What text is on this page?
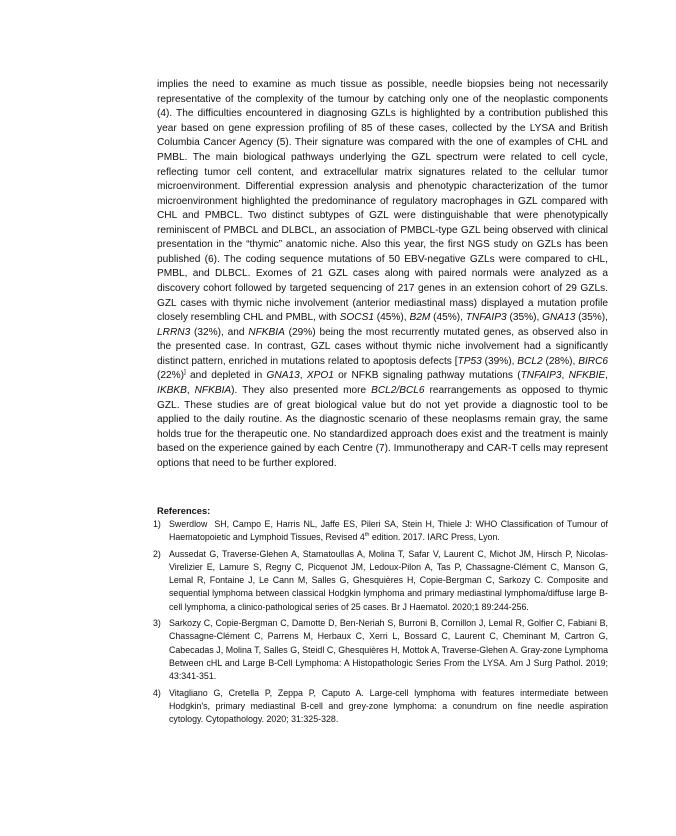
implies the need to examine as much tissue as possible, needle biopsies being not necessarily representative of the complexity of the tumour by catching only one of the neoplastic components (4). The difficulties encountered in diagnosing GZLs is highlighted by a contribution published this year based on gene expression profiling of 85 of these cases, collected by the LYSA and British Columbia Cancer Agency (5). Their signature was compared with the one of examples of CHL and PMBL. The main biological pathways underlying the GZL spectrum were related to cell cycle, reflecting tumor cell content, and extracellular matrix signatures related to the cellular tumor microenvironment. Differential expression analysis and phenotypic characterization of the tumor microenvironment highlighted the predominance of regulatory macrophages in GZL compared with CHL and PMBCL. Two distinct subtypes of GZL were distinguishable that were phenotypically reminiscent of PMBCL and DLBCL, an association of PMBCL-type GZL being observed with clinical presentation in the “thymic” anatomic niche. Also this year, the first NGS study on GZLs has been published (6). The coding sequence mutations of 50 EBV-negative GZLs were compared to cHL, PMBL, and DLBCL. Exomes of 21 GZL cases along with paired normals were analyzed as a discovery cohort followed by targeted sequencing of 217 genes in an extension cohort of 29 GZLs. GZL cases with thymic niche involvement (anterior mediastinal mass) displayed a mutation profile closely resembling CHL and PMBL, with SOCS1 (45%), B2M (45%), TNFAIP3 (35%), GNA13 (35%), LRRN3 (32%), and NFKBIA (29%) being the most recurrently mutated genes, as observed also in the presented case. In contrast, GZL cases without thymic niche involvement had a significantly distinct pattern, enriched in mutations related to apoptosis defects [TP53 (39%), BCL2 (28%), BIRC6 (22%)] and depleted in GNA13, XPO1 or NFKB signaling pathway mutations (TNFAIP3, NFKBIE, IKBKB, NFKBIA). They also presented more BCL2/BCL6 rearrangements as opposed to thymic GZL. These studies are of great biological value but do not yet provide a diagnostic tool to be applied to the daily routine. As the diagnostic scenario of these neoplasms remain gray, the same holds true for the therapeutic one. No standardized approach does exist and the treatment is mainly based on the experience gained by each Centre (7). Immunotherapy and CAR-T cells may represent options that need to be further explored.

References:

1) Swerdlow  SH, Campo E, Harris NL, Jaffe ES, Pileri SA, Stein H, Thiele J: WHO Classification of Tumour of Haematopoietic and Lymphoid Tissues, Revised 4th edition. 2017. IARC Press, Lyon.
2) Aussedat G, Traverse-Glehen A, Stamatoullas A, Molina T, Safar V, Laurent C, Michot JM, Hirsch P, Nicolas-Virelizier E, Lamure S, Regny C, Picquenot JM, Ledoux-Pilon A, Tas P, Chassagne-Clément C, Manson G, Lemal R, Fontaine J, Le Cann M, Salles G, Ghesquières H, Copie-Bergman C, Sarkozy C. Composite and sequential lymphoma between classical Hodgkin lymphoma and primary mediastinal lymphoma/diffuse large B-cell lymphoma, a clinico-pathological series of 25 cases. Br J Haematol. 2020;1 89:244-256.
3) Sarkozy C, Copie-Bergman C, Damotte D, Ben-Neriah S, Burroni B, Cornillon J, Lemal R, Golfier C, Fabiani B, Chassagne-Clément C, Parrens M, Herbaux C, Xerri L, Bossard C, Laurent C, Cheminant M, Cartron G, Cabecadas J, Molina T, Salles G, Steidl C, Ghesquières H, Mottok A, Traverse-Glehen A. Gray-zone Lymphoma Between cHL and Large B-Cell Lymphoma: A Histopathologic Series From the LYSA. Am J Surg Pathol. 2019; 43:341-351.
4) Vitagliano G, Cretella P, Zeppa P, Caputo A. Large-cell lymphoma with features intermediate between Hodgkin's, primary mediastinal B-cell and grey-zone lymphoma: a conundrum on fine needle aspiration cytology. Cytopathology. 2020; 31:325-328.
